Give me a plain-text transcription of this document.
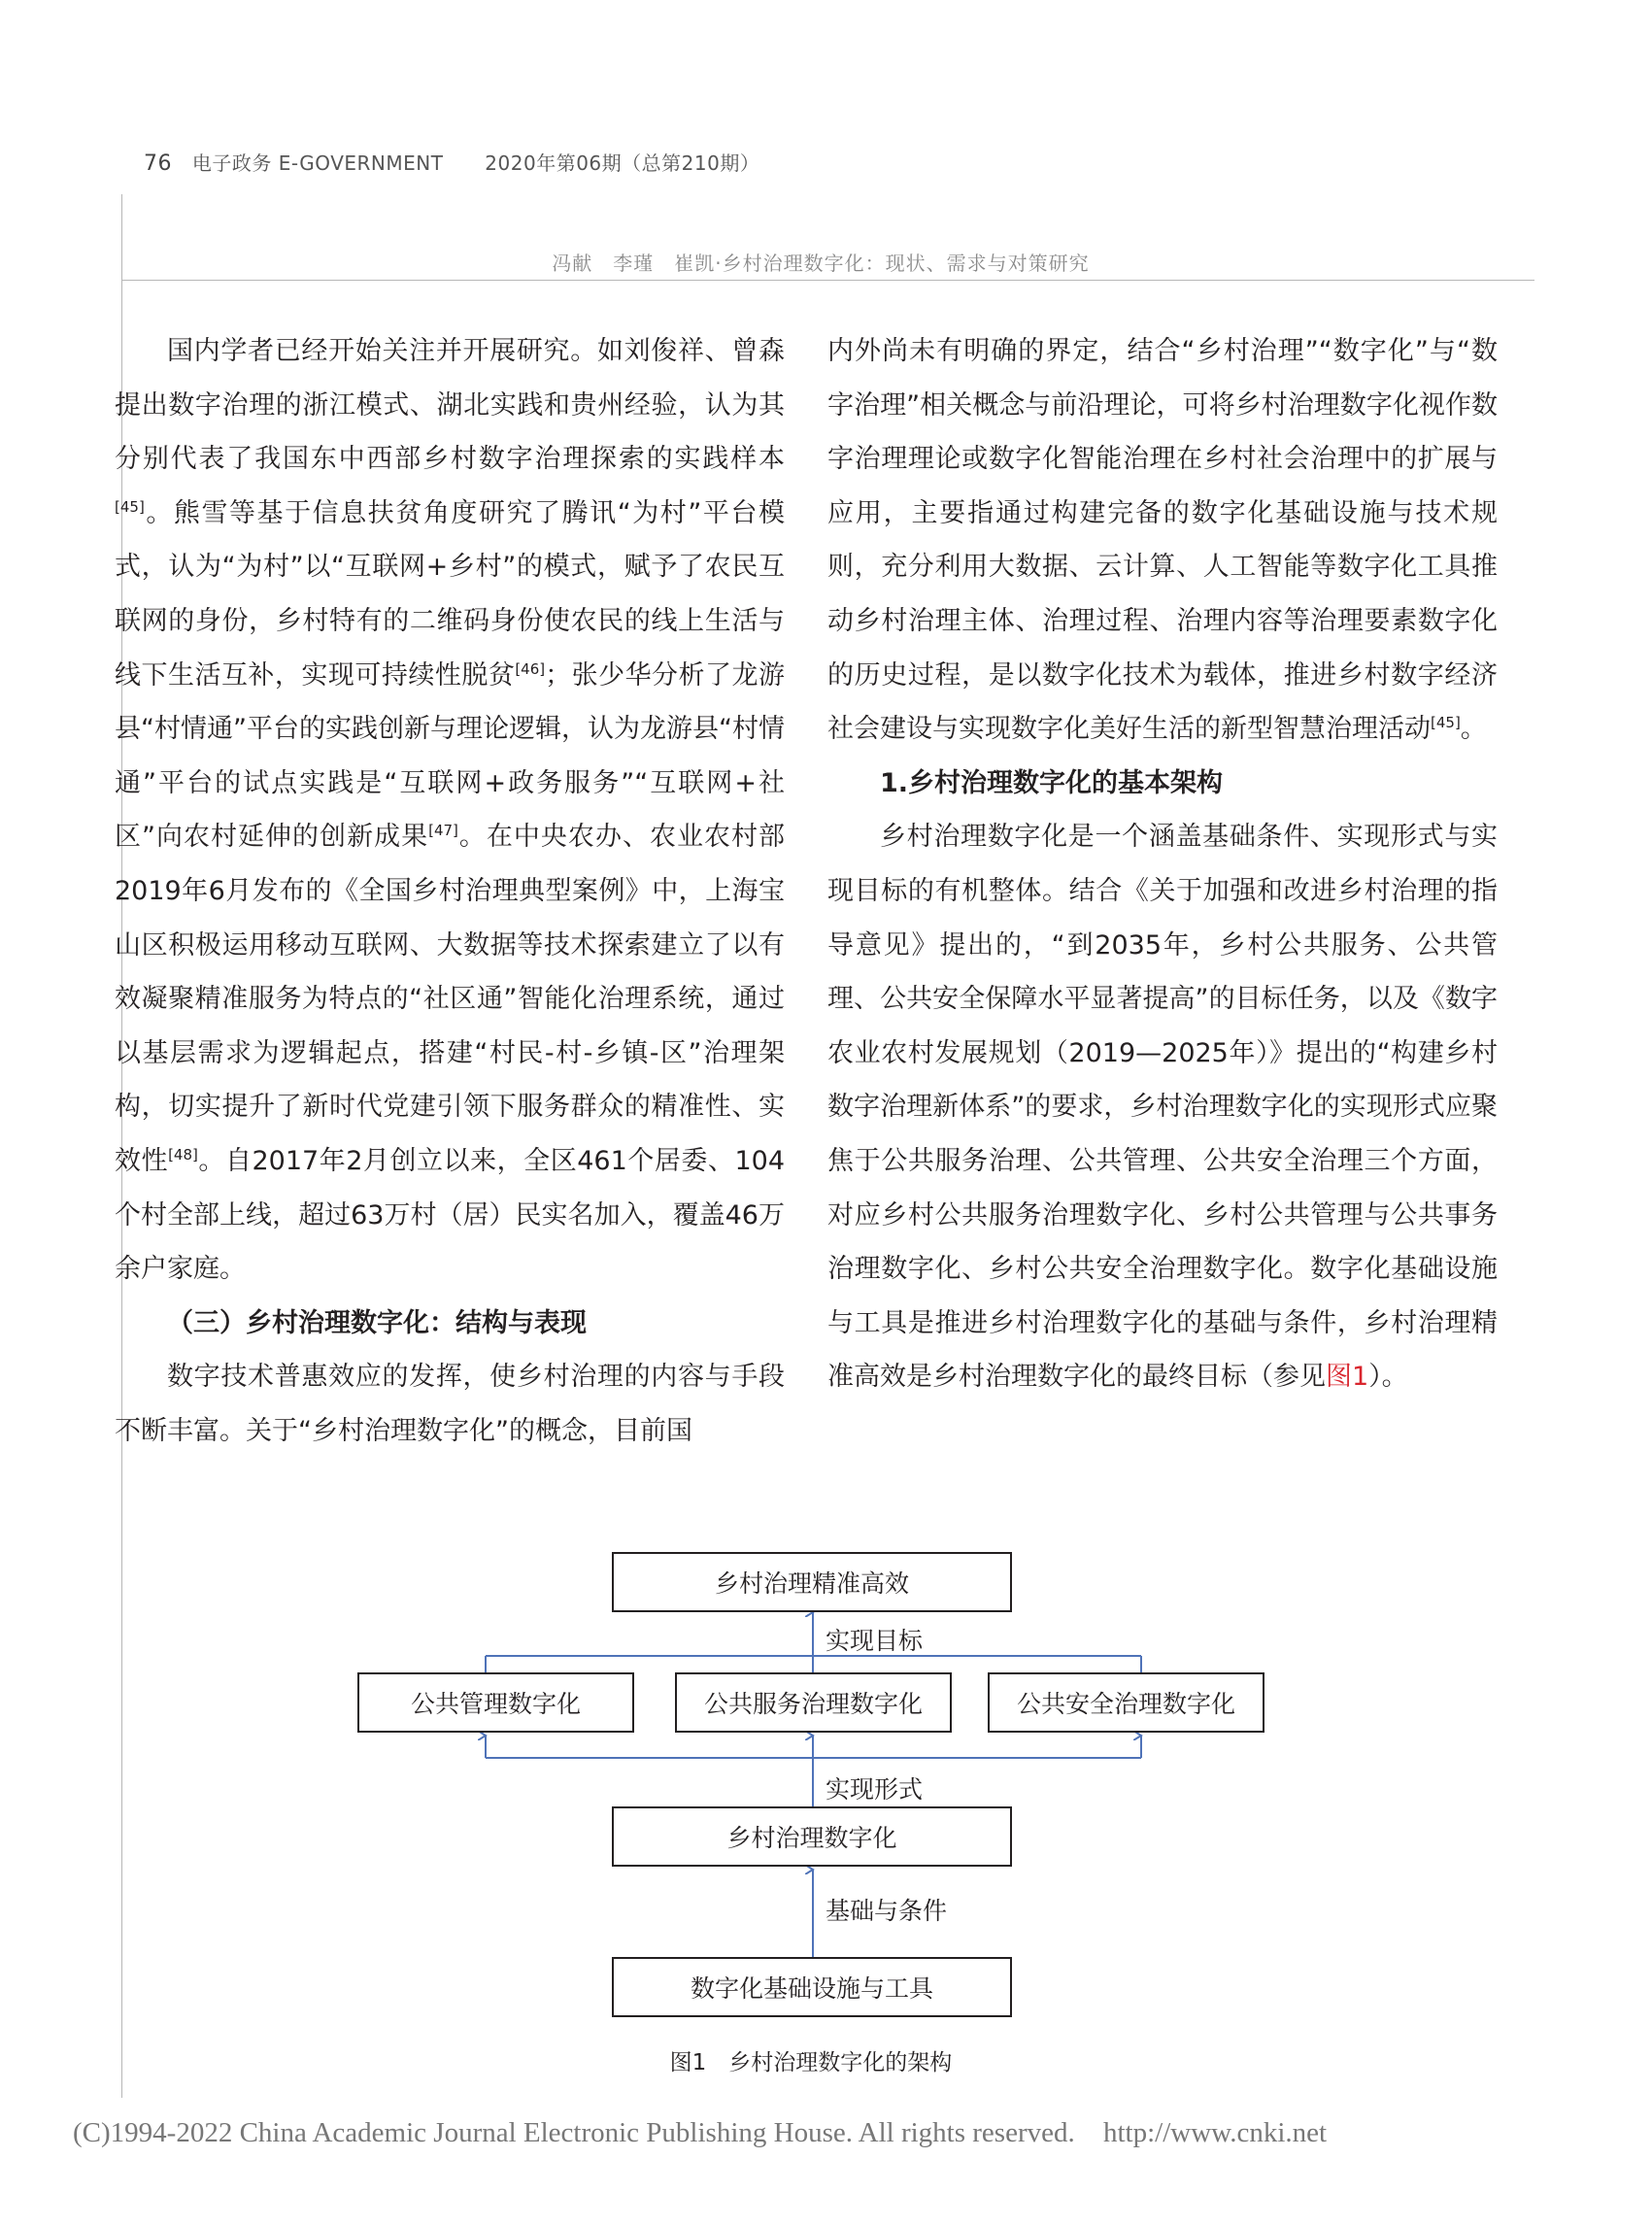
76 电子政务 E-GOVERNMENT 2020年第06期（总第210期）
冯献　李瑾　崔凯·乡村治理数字化：现状、需求与对策研究

国内学者已经开始关注并开展研究。如刘俊祥、曾森提出数字治理的浙江模式、湖北实践和贵州经验，认为其分别代表了我国东中西部乡村数字治理探索的实践样本[45]。熊雪等基于信息扶贫角度研究了腾讯“为村”平台模式，认为“为村”以“互联网+乡村”的模式，赋予了农民互联网的身份，乡村特有的二维码身份使农民的线上生活与线下生活互补，实现可持续性脱贫[46]；张少华分析了龙游县“村情通”平台的实践创新与理论逻辑，认为龙游县“村情通”平台的试点实践是“互联网+政务服务”“互联网+社区”向农村延伸的创新成果[47]。在中央农办、农业农村部2019年6月发布的《全国乡村治理典型案例》中，上海宝山区积极运用移动互联网、大数据等技术探索建立了以有效凝聚精准服务为特点的“社区通”智能化治理系统，通过以基层需求为逻辑起点，搭建“村民-村-乡镇-区”治理架构，切实提升了新时代党建引领下服务群众的精准性、实效性[48]。自2017年2月创立以来，全区461个居委、104个村全部上线，超过63万村（居）民实名加入，覆盖46万余户家庭。

（三）乡村治理数字化：结构与表现

数字技术普惠效应的发挥，使乡村治理的内容与手段不断丰富。关于“乡村治理数字化”的概念，目前国

内外尚未有明确的界定，结合“乡村治理”“数字化”与“数字治理”相关概念与前沿理论，可将乡村治理数字化视作数字治理理论或数字化智能治理在乡村社会治理中的扩展与应用，主要指通过构建完备的数字化基础设施与技术规则，充分利用大数据、云计算、人工智能等数字化工具推动乡村治理主体、治理过程、治理内容等治理要素数字化的历史过程，是以数字化技术为载体，推进乡村数字经济社会建设与实现数字化美好生活的新型智慧治理活动[45]。

1.乡村治理数字化的基本架构

乡村治理数字化是一个涵盖基础条件、实现形式与实现目标的有机整体。结合《关于加强和改进乡村治理的指导意见》提出的，“到2035年，乡村公共服务、公共管理、公共安全保障水平显著提高”的目标任务，以及《数字农业农村发展规划（2019—2025年）》提出的“构建乡村数字治理新体系”的要求，乡村治理数字化的实现形式应聚焦于公共服务治理、公共管理、公共安全治理三个方面，对应乡村公共服务治理数字化、乡村公共管理与公共事务治理数字化、乡村公共安全治理数字化。数字化基础设施与工具是推进乡村治理数字化的基础与条件，乡村治理精准高效是乡村治理数字化的最终目标（参见图1）。

乡村治理精准高效
实现目标
公共管理数字化	公共服务治理数字化	公共安全治理数字化
实现形式
乡村治理数字化
基础与条件
数字化基础设施与工具
图1　乡村治理数字化的架构
(C)1994-2022 China Academic Journal Electronic Publishing House. All rights reserved. http://www.cnki.net
